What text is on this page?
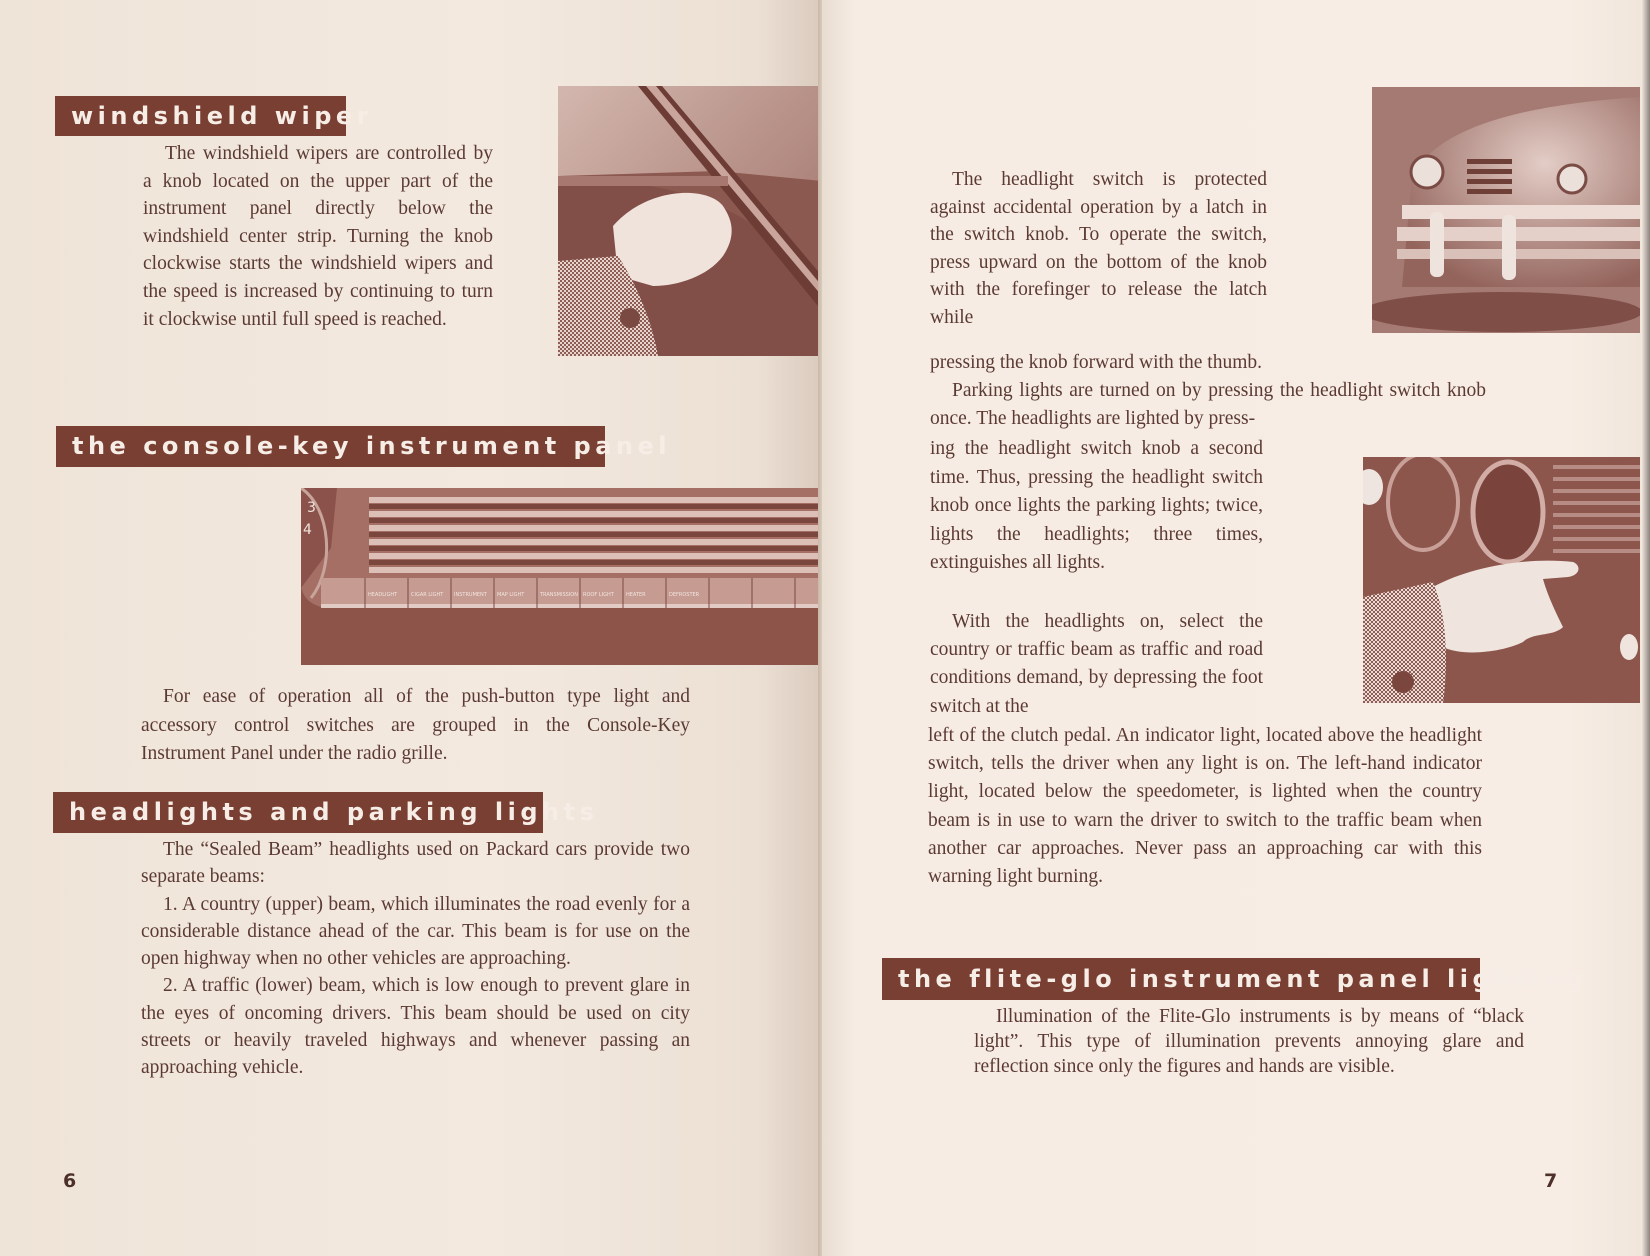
windshield wiper

The windshield wipers are controlled by a knob located on the upper part of the instrument panel directly below the windshield center strip. Turning the knob clockwise starts the windshield wipers and the speed is increased by continuing to turn it clockwise until full speed is reached.

the console-key instrument panel
3
4
HEADLIGHT	CIGAR LIGHT INSTRUMENT MAP LIGHT	TRANSMISSION ROOF LIGHT HEATER	DEFROSTER

For ease of operation all of the push-button type light and accessory control switches are grouped in the Console-Key Instrument Panel under the radio grille.

headlights and parking lights

The “Sealed Beam” headlights used on Packard cars provide two separate beams:

1. A country (upper) beam, which illuminates the road evenly for a considerable distance ahead of the car. This beam is for use on the open highway when no other vehicles are approaching.

2. A traffic (lower) beam, which is low enough to prevent glare in the eyes of oncoming drivers. This beam should be used on city streets or heavily traveled highways and whenever passing an approaching vehicle.

6

The headlight switch is protected against accidental operation by a latch in the switch knob. To operate the switch, press upward on the bottom of the knob with the forefinger to release the latch while

pressing the knob forward with the thumb.

Parking lights are turned on by pressing the headlight switch knob once. The headlights are lighted by press-

ing the headlight switch knob a second time. Thus, pressing the headlight switch knob once lights the parking lights; twice, lights the headlights; three times, extinguishes all lights.

With the headlights on, select the country or traffic beam as traffic and road conditions demand, by depressing the foot switch at the

left of the clutch pedal. An indicator light, located above the headlight switch, tells the driver when any light is on. The left-hand indicator light, located below the speedometer, is lighted when the country beam is in use to warn the driver to switch to the traffic beam when another car approaches. Never pass an approaching car with this warning light burning.

the flite-glo instrument panel lighting

Illumination of the Flite-Glo instruments is by means of “black light”. This type of illumination prevents annoying glare and reflection since only the figures and hands are visible.

7
